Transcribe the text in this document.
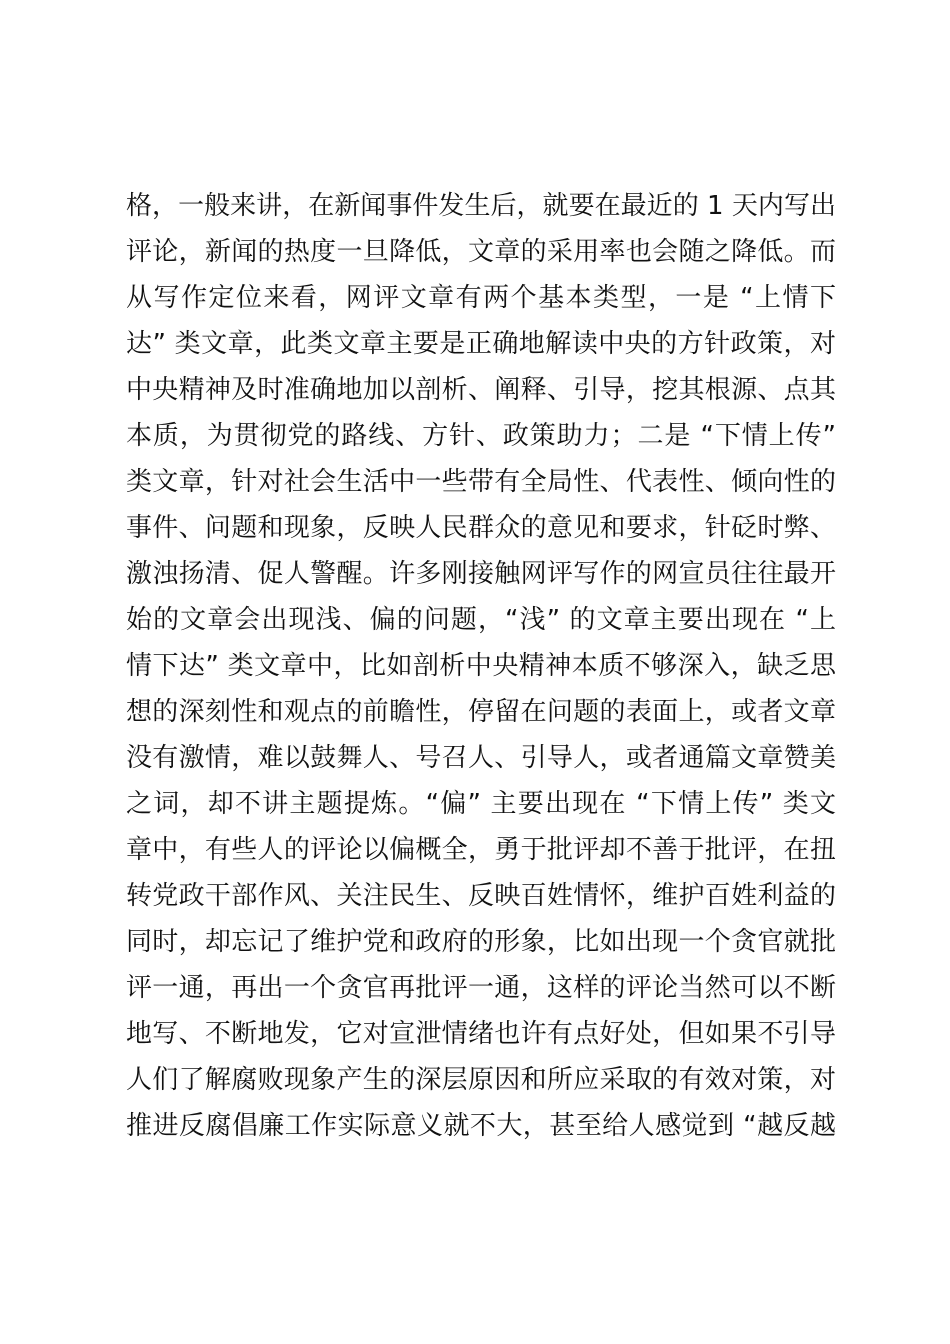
格，一般来讲，在新闻事件发生后，就要在最近的 1 天内写出
评论，新闻的热度一旦降低，文章的采用率也会随之降低。而
从写作定位来看，网评文章有两个基本类型，一是 “上情下
达” 类文章，此类文章主要是正确地解读中央的方针政策，对
中央精神及时准确地加以剖析、阐释、引导，挖其根源、点其
本质，为贯彻党的路线、方针、政策助力；二是 “下情上传”
类文章，针对社会生活中一些带有全局性、代表性、倾向性的
事件、问题和现象，反映人民群众的意见和要求，针砭时弊、
激浊扬清、促人警醒。许多刚接触网评写作的网宣员往往最开
始的文章会出现浅、偏的问题，“浅” 的文章主要出现在 “上
情下达” 类文章中，比如剖析中央精神本质不够深入，缺乏思
想的深刻性和观点的前瞻性，停留在问题的表面上，或者文章
没有激情，难以鼓舞人、号召人、引导人，或者通篇文章赞美
之词，却不讲主题提炼。“偏” 主要出现在 “下情上传” 类文
章中，有些人的评论以偏概全，勇于批评却不善于批评，在扭
转党政干部作风、关注民生、反映百姓情怀，维护百姓利益的
同时，却忘记了维护党和政府的形象，比如出现一个贪官就批
评一通，再出一个贪官再批评一通，这样的评论当然可以不断
地写、不断地发，它对宣泄情绪也许有点好处，但如果不引导
人们了解腐败现象产生的深层原因和所应采取的有效对策，对
推进反腐倡廉工作实际意义就不大，甚至给人感觉到 “越反越
